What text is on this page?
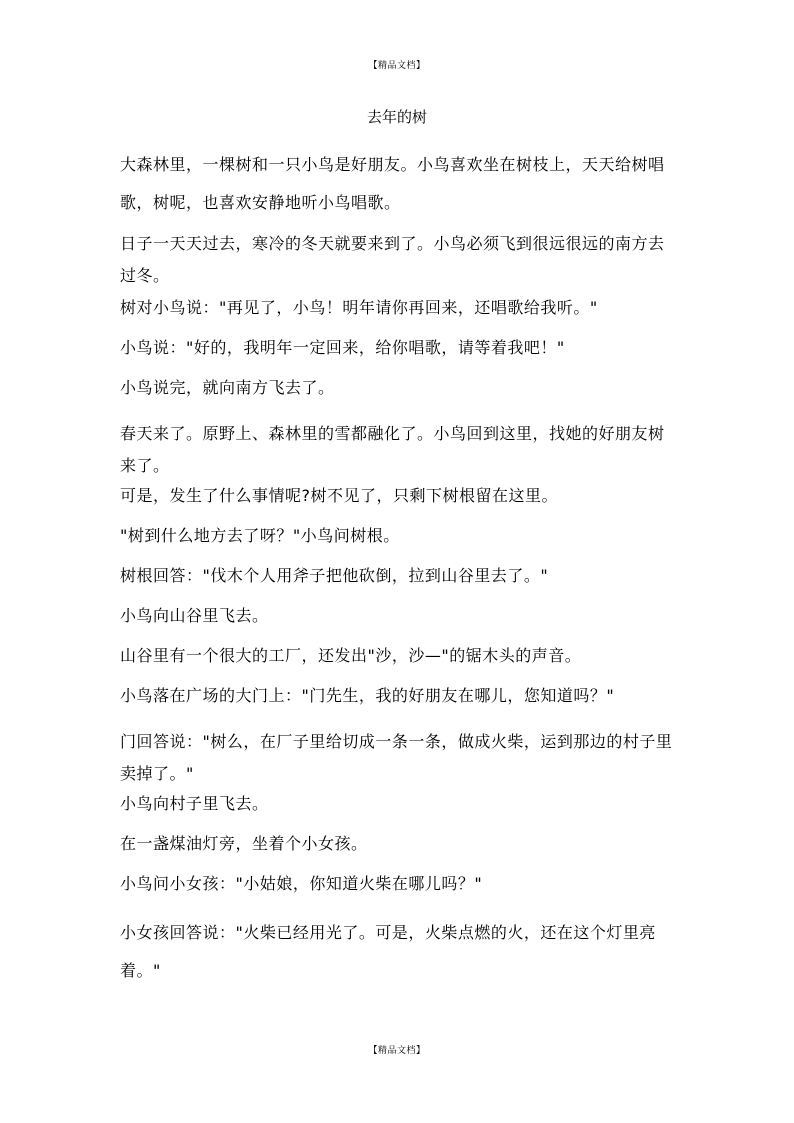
【精品文档】
去年的树

大森林里，一棵树和一只小鸟是好朋友。小鸟喜欢坐在树枝上，天天给树唱歌，树呢，也喜欢安静地听小鸟唱歌。

日子一天天过去，寒冷的冬天就要来到了。小鸟必须飞到很远很远的南方去过冬。

树对小鸟说："再见了，小鸟！明年请你再回来，还唱歌给我听。"

小鸟说："好的，我明年一定回来，给你唱歌，请等着我吧！"

小鸟说完，就向南方飞去了。

春天来了。原野上、森林里的雪都融化了。小鸟回到这里，找她的好朋友树来了。

可是，发生了什么事情呢?树不见了，只剩下树根留在这里。

"树到什么地方去了呀？"小鸟问树根。

树根回答："伐木个人用斧子把他砍倒，拉到山谷里去了。"

小鸟向山谷里飞去。

山谷里有一个很大的工厂，还发出"沙，沙—"的锯木头的声音。

小鸟落在广场的大门上："门先生，我的好朋友在哪儿，您知道吗？"

门回答说："树么，在厂子里给切成一条一条，做成火柴，运到那边的村子里卖掉了。"

小鸟向村子里飞去。

在一盏煤油灯旁，坐着个小女孩。

小鸟问小女孩："小姑娘，你知道火柴在哪儿吗？"

小女孩回答说："火柴已经用光了。可是，火柴点燃的火，还在这个灯里亮着。"

【精品文档】
